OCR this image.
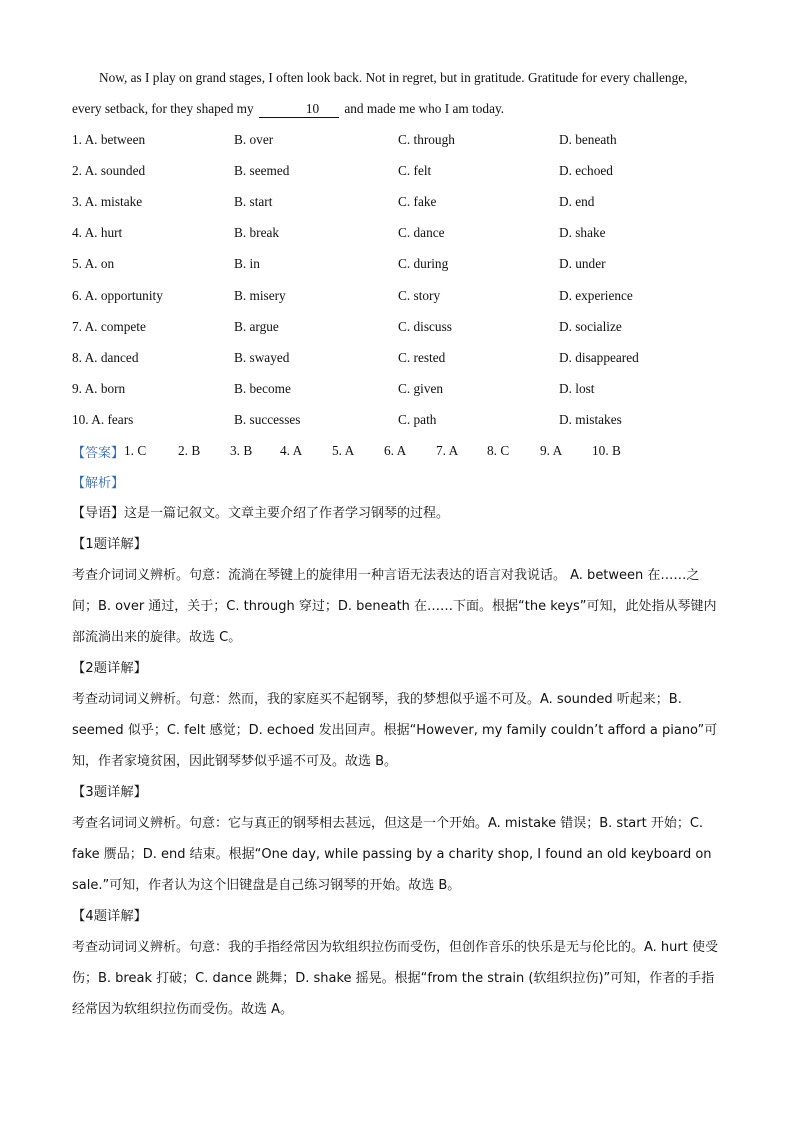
Now, as I play on grand stages, I often look back. Not in regret, but in gratitude. Gratitude for every challenge,
every setback, for they shaped my	10 and made me who I am today.

1. A. between	B. over	C. through	D. beneath
2. A. sounded	B. seemed	C. felt	D. echoed
3. A. mistake	B. start	C. fake	D. end
4. A. hurt	B. break	C. dance	D. shake
5. A. on	B. in	C. during	D. under
6. A. opportunity	B. misery	C. story	D. experience
7. A. compete	B. argue	C. discuss	D. socialize
8. A. danced	B. swayed	C. rested	D. disappeared
9. A. born	B. become	C. given	D. lost
10. A. fears	B. successes	C. path	D. mistakes
【答案】 1. C	2. B	3. B	4. A	5. A	6. A	7. A	8. C	9. A	10. B
【解析】

【导语】这是一篇记叙文。文章主要介绍了作者学习钢琴的过程。

【1题详解】

考查介词词义辨析。句意：流淌在琴键上的旋律用一种言语无法表达的语言对我说话。 A. between 在……之间；B. over 通过，关于；C. through 穿过；D. beneath 在……下面。根据“the keys”可知，此处指从琴键内部流淌出来的旋律。故选 C。

【2题详解】

考查动词词义辨析。句意：然而，我的家庭买不起钢琴，我的梦想似乎遥不可及。A. sounded 听起来；B. seemed 似乎；C. felt 感觉；D. echoed 发出回声。根据“However, my family couldn’t afford a piano”可知，作者家境贫困，因此钢琴梦似乎遥不可及。故选 B。

【3题详解】

考查名词词义辨析。句意：它与真正的钢琴相去甚远，但这是一个开始。A. mistake 错误；B. start 开始；C. fake 赝品；D. end 结束。根据“One day, while passing by a charity shop, I found an old keyboard on sale.”可知，作者认为这个旧键盘是自己练习钢琴的开始。故选 B。

【4题详解】

考查动词词义辨析。句意：我的手指经常因为软组织拉伤而受伤，但创作音乐的快乐是无与伦比的。A. hurt 使受伤；B. break 打破；C. dance 跳舞；D. shake 摇晃。根据“from the strain (软组织拉伤)”可知，作者的手指经常因为软组织拉伤而受伤。故选 A。
